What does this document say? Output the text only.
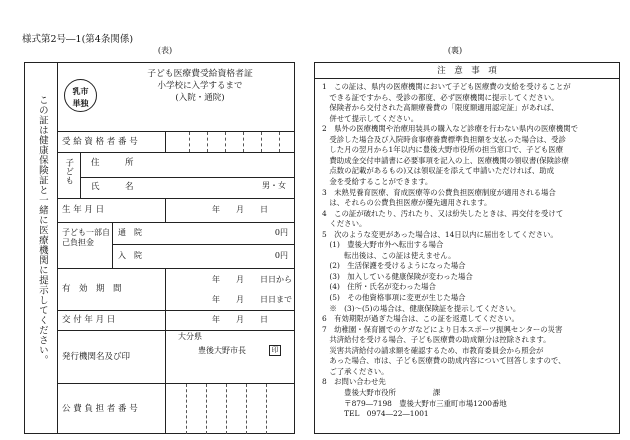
様式第2号―1(第4条関係)
(表)	(裏)
この証は健康保険証と一緒に医療機関に提示してください。
乳市
単独
子ども医療費受給資格者証
小学校に入学するまで
(入院・通院)
受 給 資 格 者 番 号
子ども 住　　　所
氏　　　名	男・女
生 年 月 日	年　　月　　日
子ども一部自己負担金
通　院	0円
入　院	0円
有　効　期　間
年　　月　　日 日から
年　　月　　日 日まで
交 付 年 月 日	年　　月　　日
発行機関名及び印
大分県
豊後大野市長	印
公 費 負 担 者 番 号
注　意　事　項
1　この証は、県内の医療機関において子ども医療費の支給を受けることが
　できる証ですから、受診の都度、必ず医療機関に提示してください。
　保険者から交付された高額療養費の「限度額適用認定証」があれば、
　併せて提示してください。
2　県外の医療機関や治療用装具の購入など診療を行わない県内の医療機関で
　受診した場合及び入院時食事療養費標準負担額を支払った場合は、受診
　した月の翌月から1年以内に豊後大野市役所の担当窓口で、子ども医療
　費助成金交付申請書に必要事項を記入の上、医療機関の領収書(保険診療
　点数の記載があるもの)又は領収証を添えて申請いただければ、助成
　金を受給することができます。
3　未熟児養育医療、育成医療等の公費負担医療制度が適用される場合
　は、それらの公費負担医療が優先適用されます。
4　この証が破れたり、汚れたり、又は紛失したときは、再交付を受けて
　ください。
5　次のような変更があった場合は、14日以内に届出をしてください。
　(1)　豊後大野市外へ転出する場合
　　　転出後は、この証は使えません。
　(2)　生活保護を受けるようになった場合
　(3)　加入している健康保険が変わった場合
　(4)　住所・氏名が変わった場合
　(5)　その他資格事項に変更が生じた場合
　※　(3)～(5)の場合は、健康保険証を提示してください。
6　有効期限が過ぎた場合は、この証を返還してください。
7　幼稚園・保育園でのケガなどにより日本スポーツ振興センターの災害
　共済給付を受ける場合、子ども医療費の助成額分は控除されます。
　災害共済給付の請求額を確認するため、市教育委員会から照会が
　あった場合、市は、子ども医療費の助成内容について回答しますので、
　ご了承ください。
8　お問い合わせ先
　　　豊後大野市役所　　　　　課
　　　〒879―7198　豊後大野市三重町市場1200番地
　　　TEL　0974―22―1001
